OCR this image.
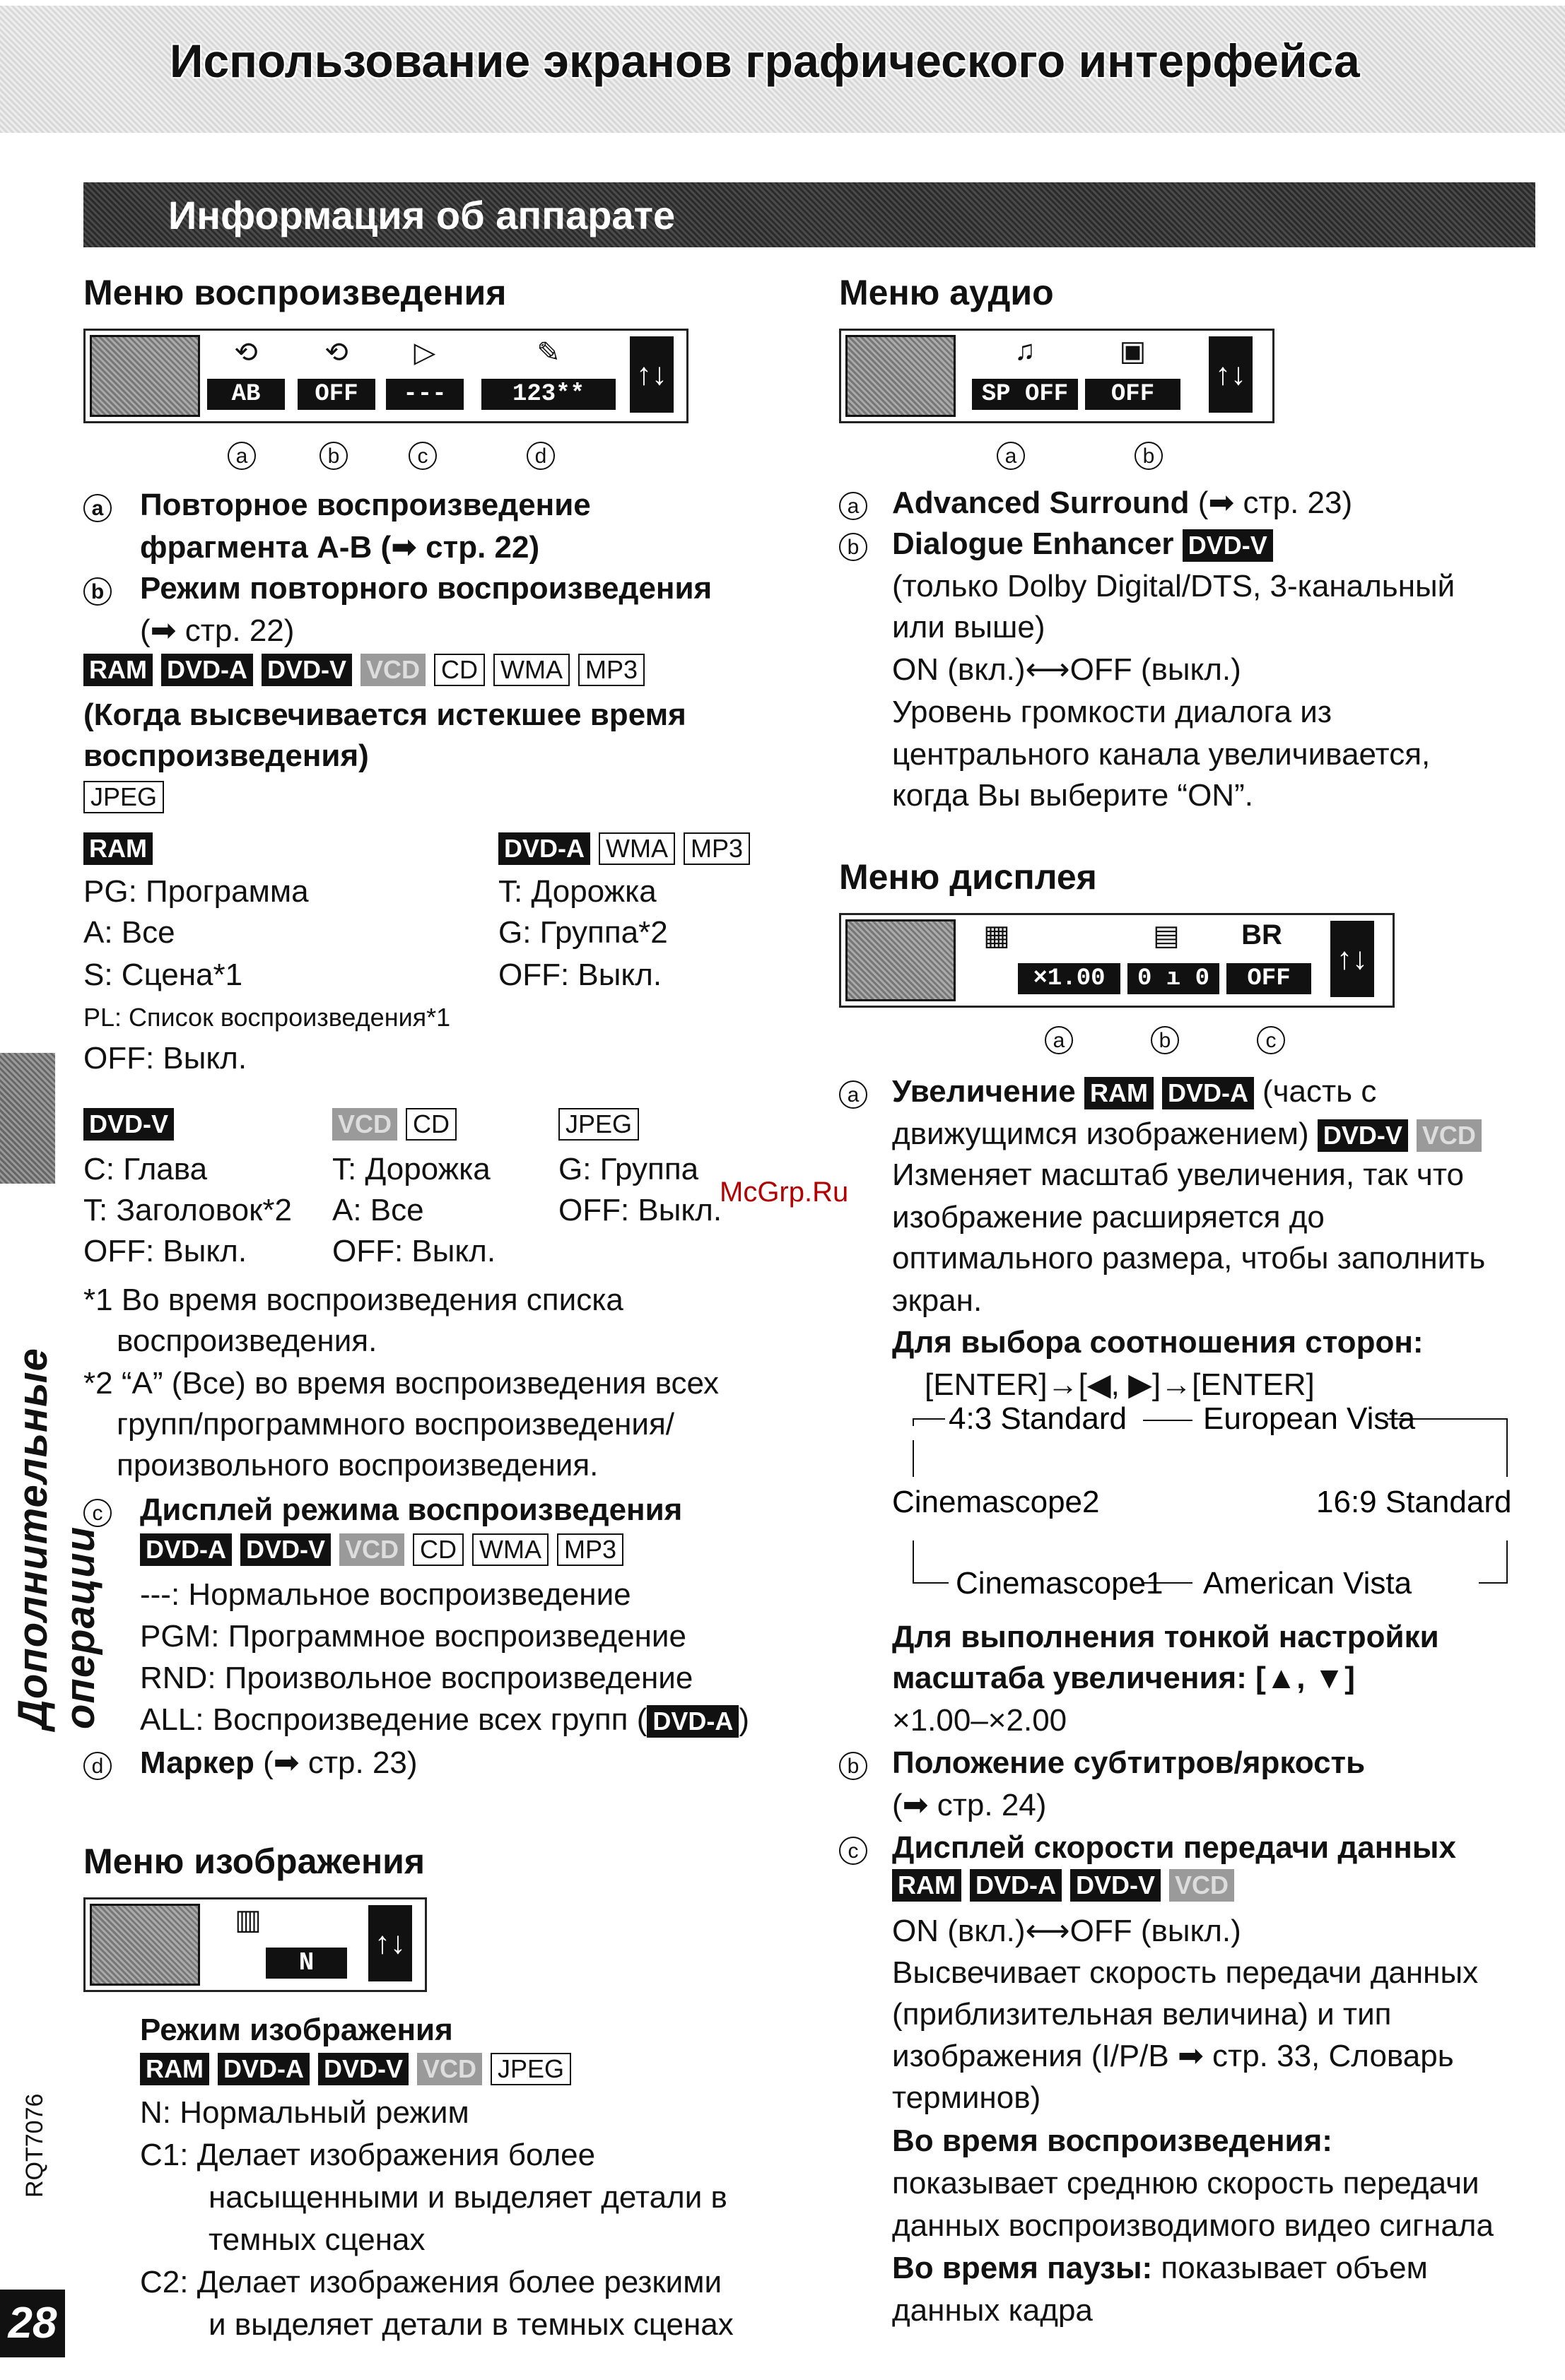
Использование экранов графического интерфейса
Информация об аппарате
Дополнительные операции
RQT7076
28
McGrp.Ru
Меню воспроизведения
⟲	⟲	▷	✎
AB	OFF	---	123**
↑↓
a	b	c	d
a Повторное воспроизведение
фрагмента A-B (➡ стр. 22)
b Режим повторного воспроизведения
(➡ стр. 22)
RAM DVD-A DVD-V VCD CD WMA MP3
(Когда высвечивается истекшее время
воспроизведения)
JPEG
RAM
PG: Программа
A: Все
S: Сцена*1
PL: Список воспроизведения*1
OFF: Выкл.
DVD-A WMA MP3
T: Дорожка
G: Группа*2
OFF: Выкл.
DVD-V
C: Глава
T: Заголовок*2
OFF: Выкл.
VCD CD
T: Дорожка
A: Все
OFF: Выкл.
JPEG
G: Группа
OFF: Выкл.
*1 Во время воспроизведения списка
воспроизведения.
*2 “A” (Все) во время воспроизведения всех
групп/программного воспроизведения/
произвольного воспроизведения.
c Дисплей режима воспроизведения
DVD-A DVD-V VCD CD WMA MP3
---: Нормальное воспроизведение
PGM: Программное воспроизведение
RND: Произвольное воспроизведение
ALL: Воспроизведение всех групп ( DVD-A )
d Маркер (➡ стр. 23)
Меню изображения
▥
N
↑↓
Режим изображения
RAM DVD-A DVD-V VCD JPEG
N: Нормальный режим
C1: Делает изображения более
насыщенными и выделяет детали в
темных сценах
C2: Делает изображения более резкими
и выделяет детали в темных сценах
Меню аудио
♫	▣
SP OFF	OFF
↑↓
a	b
a Advanced Surround (➡ стр. 23)
b Dialogue Enhancer DVD-V
(только Dolby Digital/DTS, 3-канальный
или выше)
ON (вкл.)⟷OFF (выкл.)
Уровень громкости диалога из
центрального канала увеличивается,
когда Вы выберите “ON”.
Меню дисплея
▦	▤	BR
×1.00	0 ı 0	OFF
↑↓
a	b	c
a Увеличение RAM DVD-A (часть с
движущимся изображением) DVD-V VCD
Изменяет масштаб увеличения, так что
изображение расширяется до
оптимального размера, чтобы заполнить
экран.
Для выбора соотношения сторон:
[ENTER]→[◀, ▶]→[ENTER]
4:3 Standard European Vista
Cinemascope2	16:9 Standard
Cinemascope1 American Vista
Для выполнения тонкой настройки
масштаба увеличения: [▲, ▼]
×1.00–×2.00
b Положение субтитров/яркость
(➡ стр. 24)
c Дисплей скорости передачи данных
RAM DVD-A DVD-V VCD
ON (вкл.)⟷OFF (выкл.)
Высвечивает скорость передачи данных
(приблизительная величина) и тип
изображения (I/P/B ➡ стр. 33, Словарь
терминов)
Во время воспроизведения:
показывает среднюю скорость передачи
данных воспроизводимого видео сигнала
Во время паузы: показывает объем
данных кадра
